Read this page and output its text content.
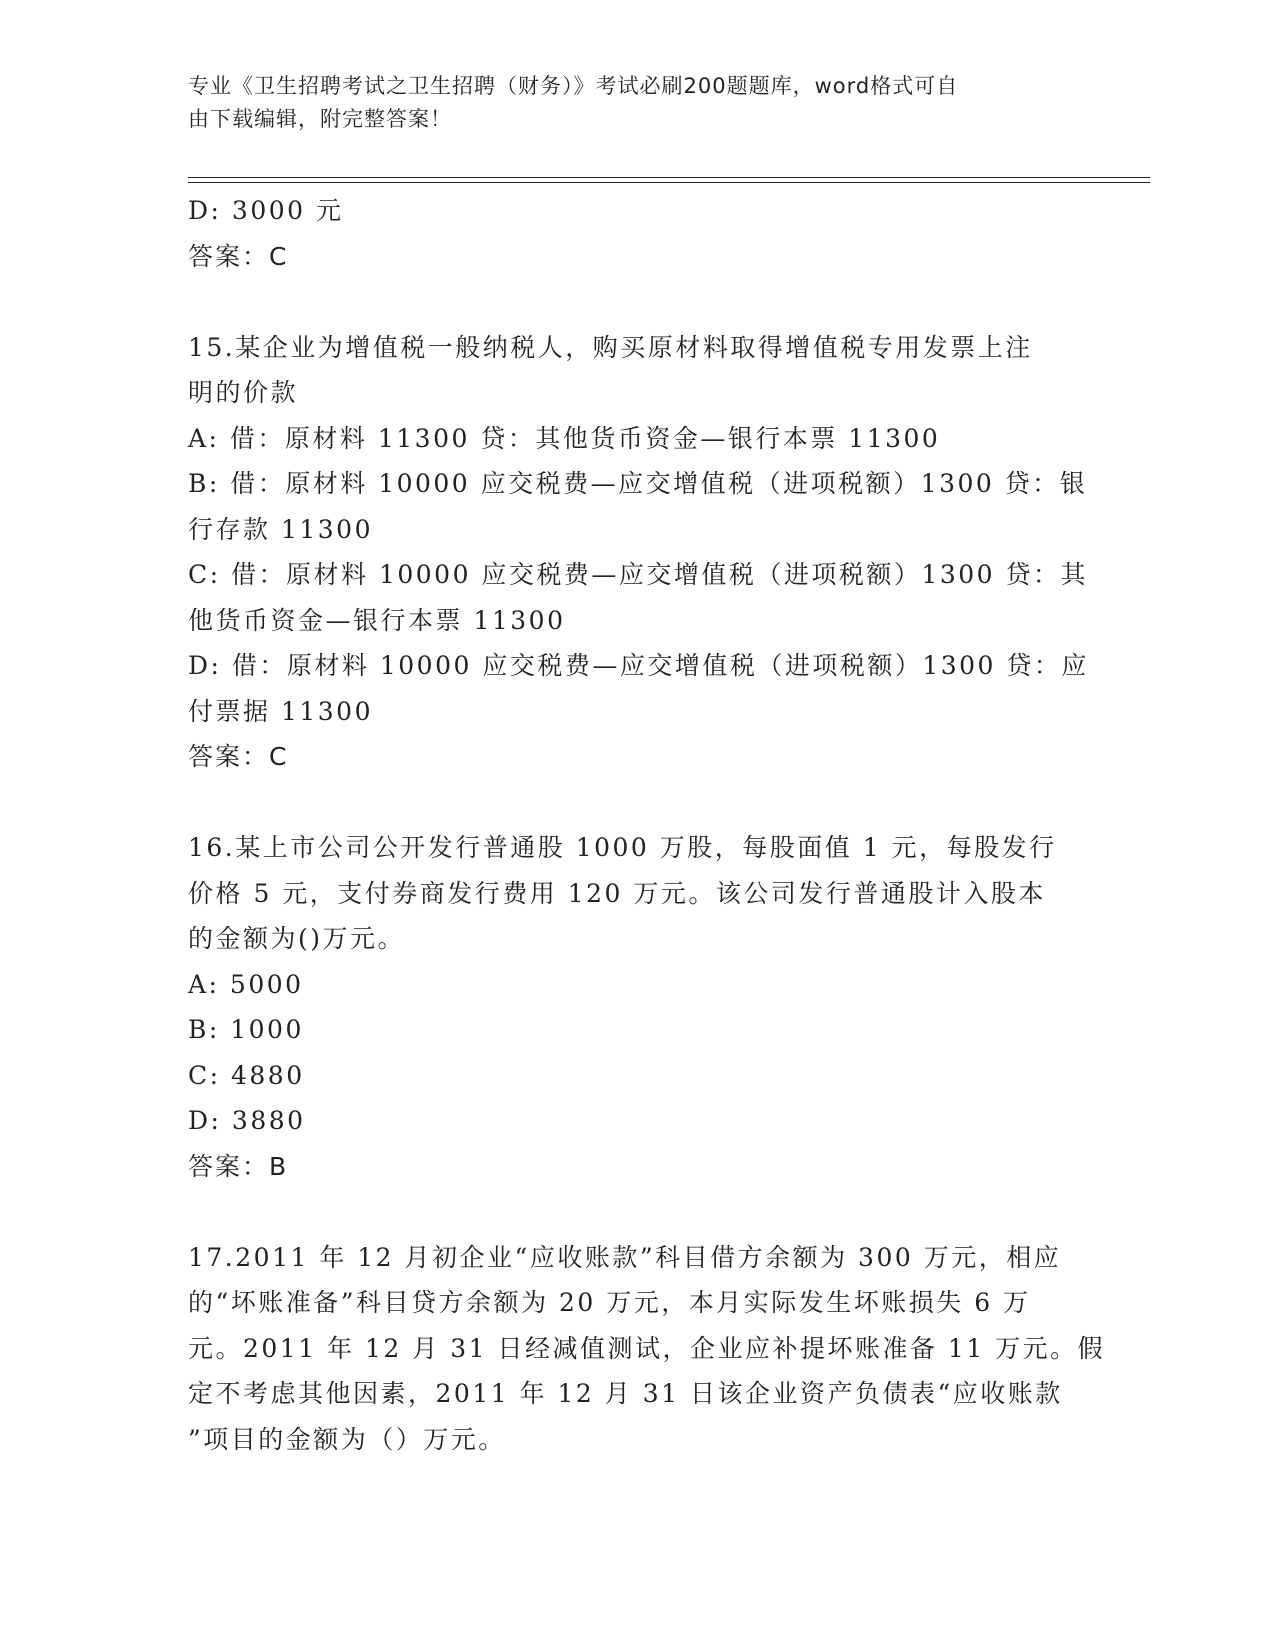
专业《卫生招聘考试之卫生招聘（财务）》考试必刷200题题库，word格式可自
由下载编辑，附完整答案！
D: 3000 元
答案：C
15.某企业为增值税一般纳税人，购买原材料取得增值税专用发票上注
明的价款
A: 借：原材料 11300 贷：其他货币资金—银行本票 11300
B: 借：原材料 10000 应交税费—应交增值税（进项税额）1300 贷：银
行存款 11300
C: 借：原材料 10000 应交税费—应交增值税（进项税额）1300 贷：其
他货币资金—银行本票 11300
D: 借：原材料 10000 应交税费—应交增值税（进项税额）1300 贷：应
付票据 11300
答案：C
16.某上市公司公开发行普通股 1000 万股，每股面值 1 元，每股发行
价格 5 元，支付券商发行费用 120 万元。该公司发行普通股计入股本
的金额为()万元。
A: 5000
B: 1000
C: 4880
D: 3880
答案：B
17.2011 年 12 月初企业“应收账款”科目借方余额为 300 万元，相应
的“坏账准备”科目贷方余额为 20 万元，本月实际发生坏账损失 6 万
元。2011 年 12 月 31 日经减值测试，企业应补提坏账准备 11 万元。假
定不考虑其他因素，2011 年 12 月 31 日该企业资产负债表“应收账款
”项目的金额为（）万元。
